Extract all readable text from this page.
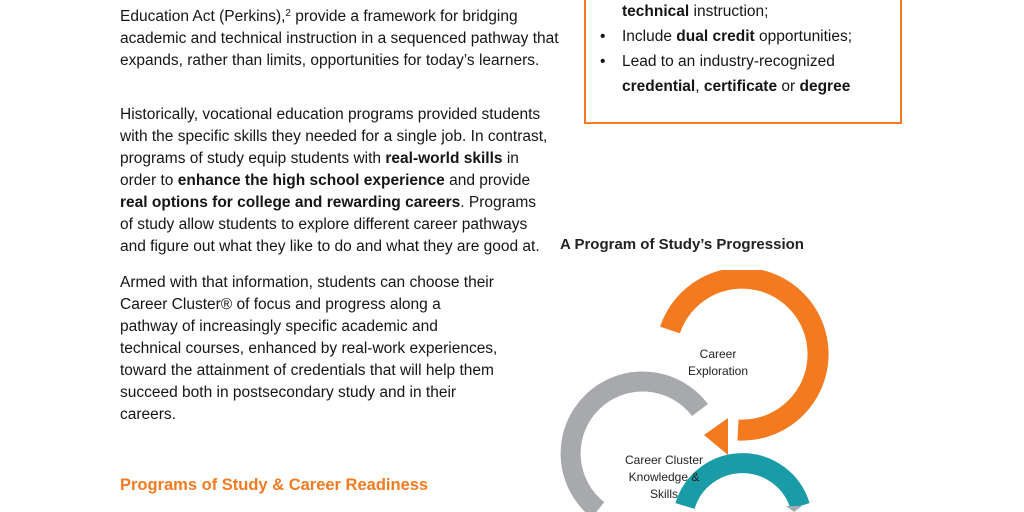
Education Act (Perkins),$^2$ provide a framework for bridging academic and technical instruction in a sequenced pathway that expands, rather than limits, opportunities for today’s learners.

technical instruction;
• Include dual credit opportunities;
• Lead to an industry-recognized credential, certificate or degree

Historically, vocational education programs provided students with the specific skills they needed for a single job. In contrast, programs of study equip students with real-world skills in order to enhance the high school experience and provide real options for college and rewarding careers. Programs of study allow students to explore different career pathways and figure out what they like to do and what they are good at.

Armed with that information, students can choose their Career Cluster® of focus and progress along a pathway of increasingly specific academic and technical courses, enhanced by real-work experiences, toward the attainment of credentials that will help them succeed both in postsecondary study and in their careers.

Programs of Study & Career Readiness
A Program of Study’s Progression
Career
Exploration
Career Cluster
Knowledge &
Skills
